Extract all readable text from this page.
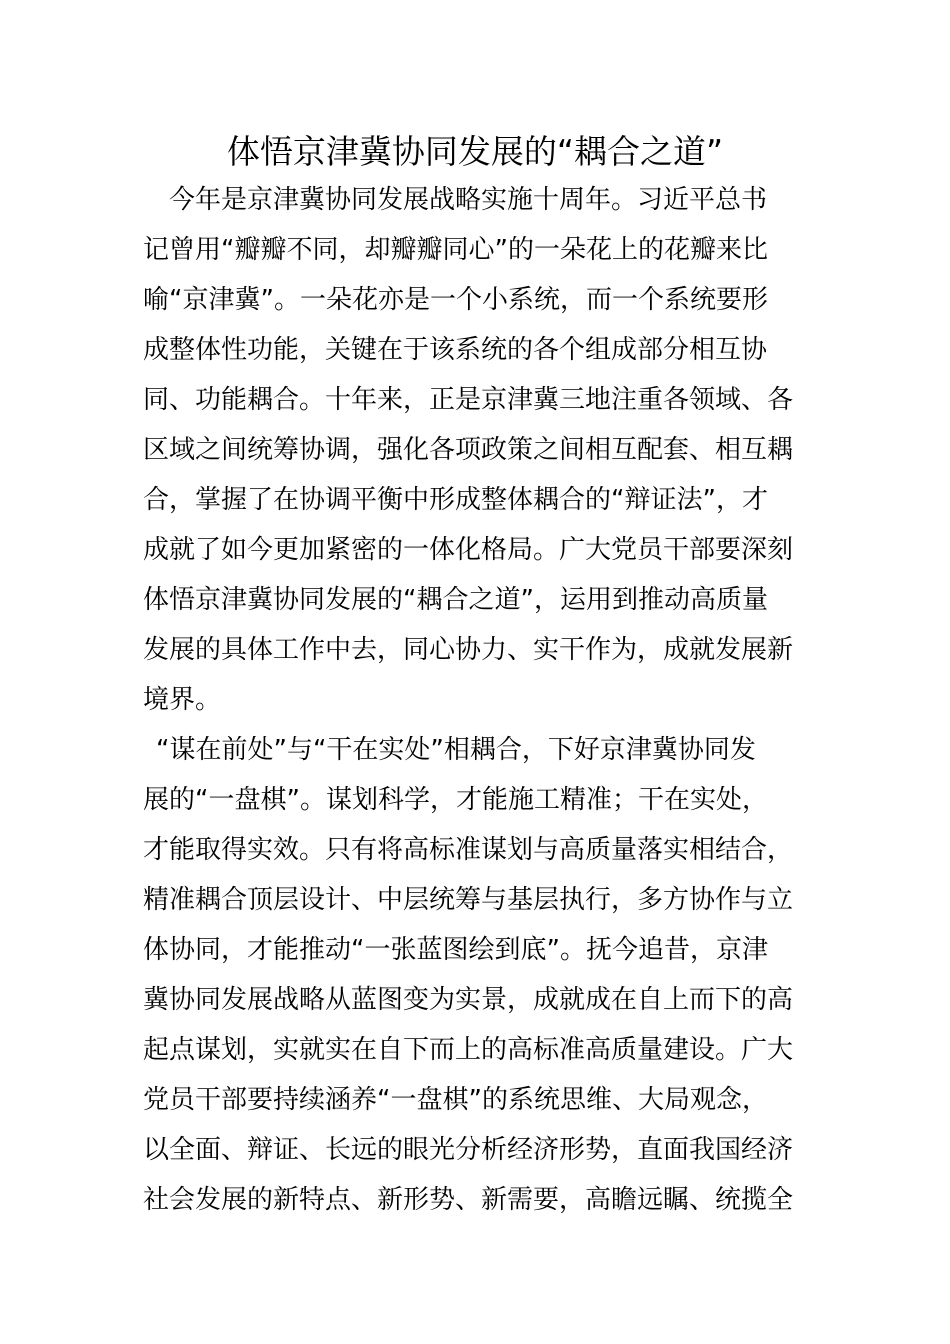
体悟京津冀协同发展的“耦合之道”

　今年是京津冀协同发展战略实施十周年。习近平总书

记曾用“瓣瓣不同，却瓣瓣同心”的一朵花上的花瓣来比

喻“京津冀”。一朵花亦是一个小系统，而一个系统要形

成整体性功能，关键在于该系统的各个组成部分相互协

同、功能耦合。十年来，正是京津冀三地注重各领域、各

区域之间统筹协调，强化各项政策之间相互配套、相互耦

合，掌握了在协调平衡中形成整体耦合的“辩证法”，才

成就了如今更加紧密的一体化格局。广大党员干部要深刻

体悟京津冀协同发展的“耦合之道”，运用到推动高质量

发展的具体工作中去，同心协力、实干作为，成就发展新

境界。

“谋在前处”与“干在实处”相耦合，下好京津冀协同发

展的“一盘棋”。谋划科学，才能施工精准；干在实处，

才能取得实效。只有将高标准谋划与高质量落实相结合，

精准耦合顶层设计、中层统筹与基层执行，多方协作与立

体协同，才能推动“一张蓝图绘到底”。抚今追昔，京津

冀协同发展战略从蓝图变为实景，成就成在自上而下的高

起点谋划，实就实在自下而上的高标准高质量建设。广大

党员干部要持续涵养“一盘棋”的系统思维、大局观念，

以全面、辩证、长远的眼光分析经济形势，直面我国经济

社会发展的新特点、新形势、新需要，高瞻远瞩、统揽全
